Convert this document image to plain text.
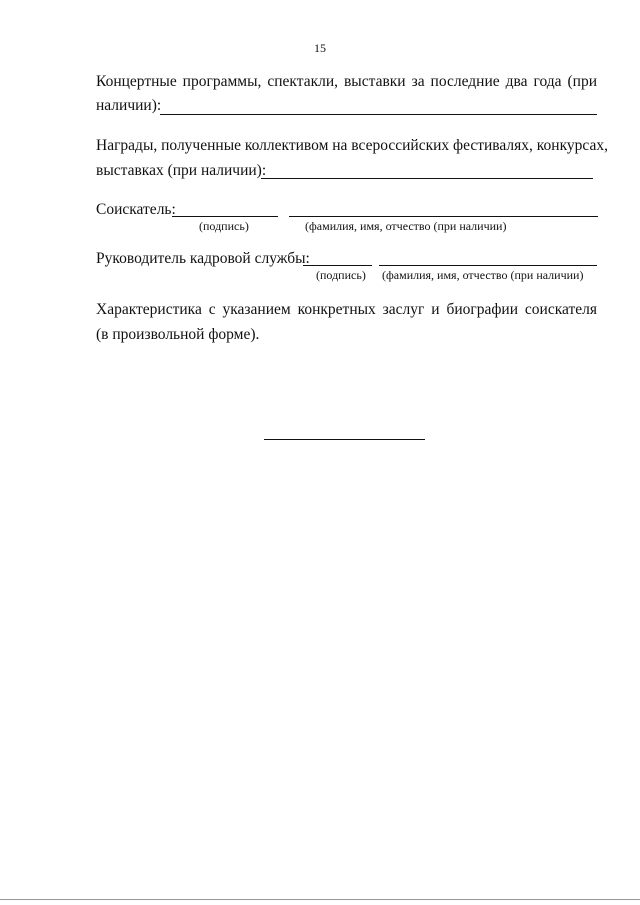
15
Концертные программы, спектакли, выставки за последние два года (при
наличии):
Награды, полученные коллективом на всероссийских фестивалях, конкурсах,
выставках (при наличии):
Соискатель:
(подпись)	(фамилия, имя, отчество (при наличии)
Руководитель кадровой службы:
(подпись) (фамилия, имя, отчество (при наличии)
Характеристика с указанием конкретных заслуг и биографии соискателя
(в произвольной форме).
